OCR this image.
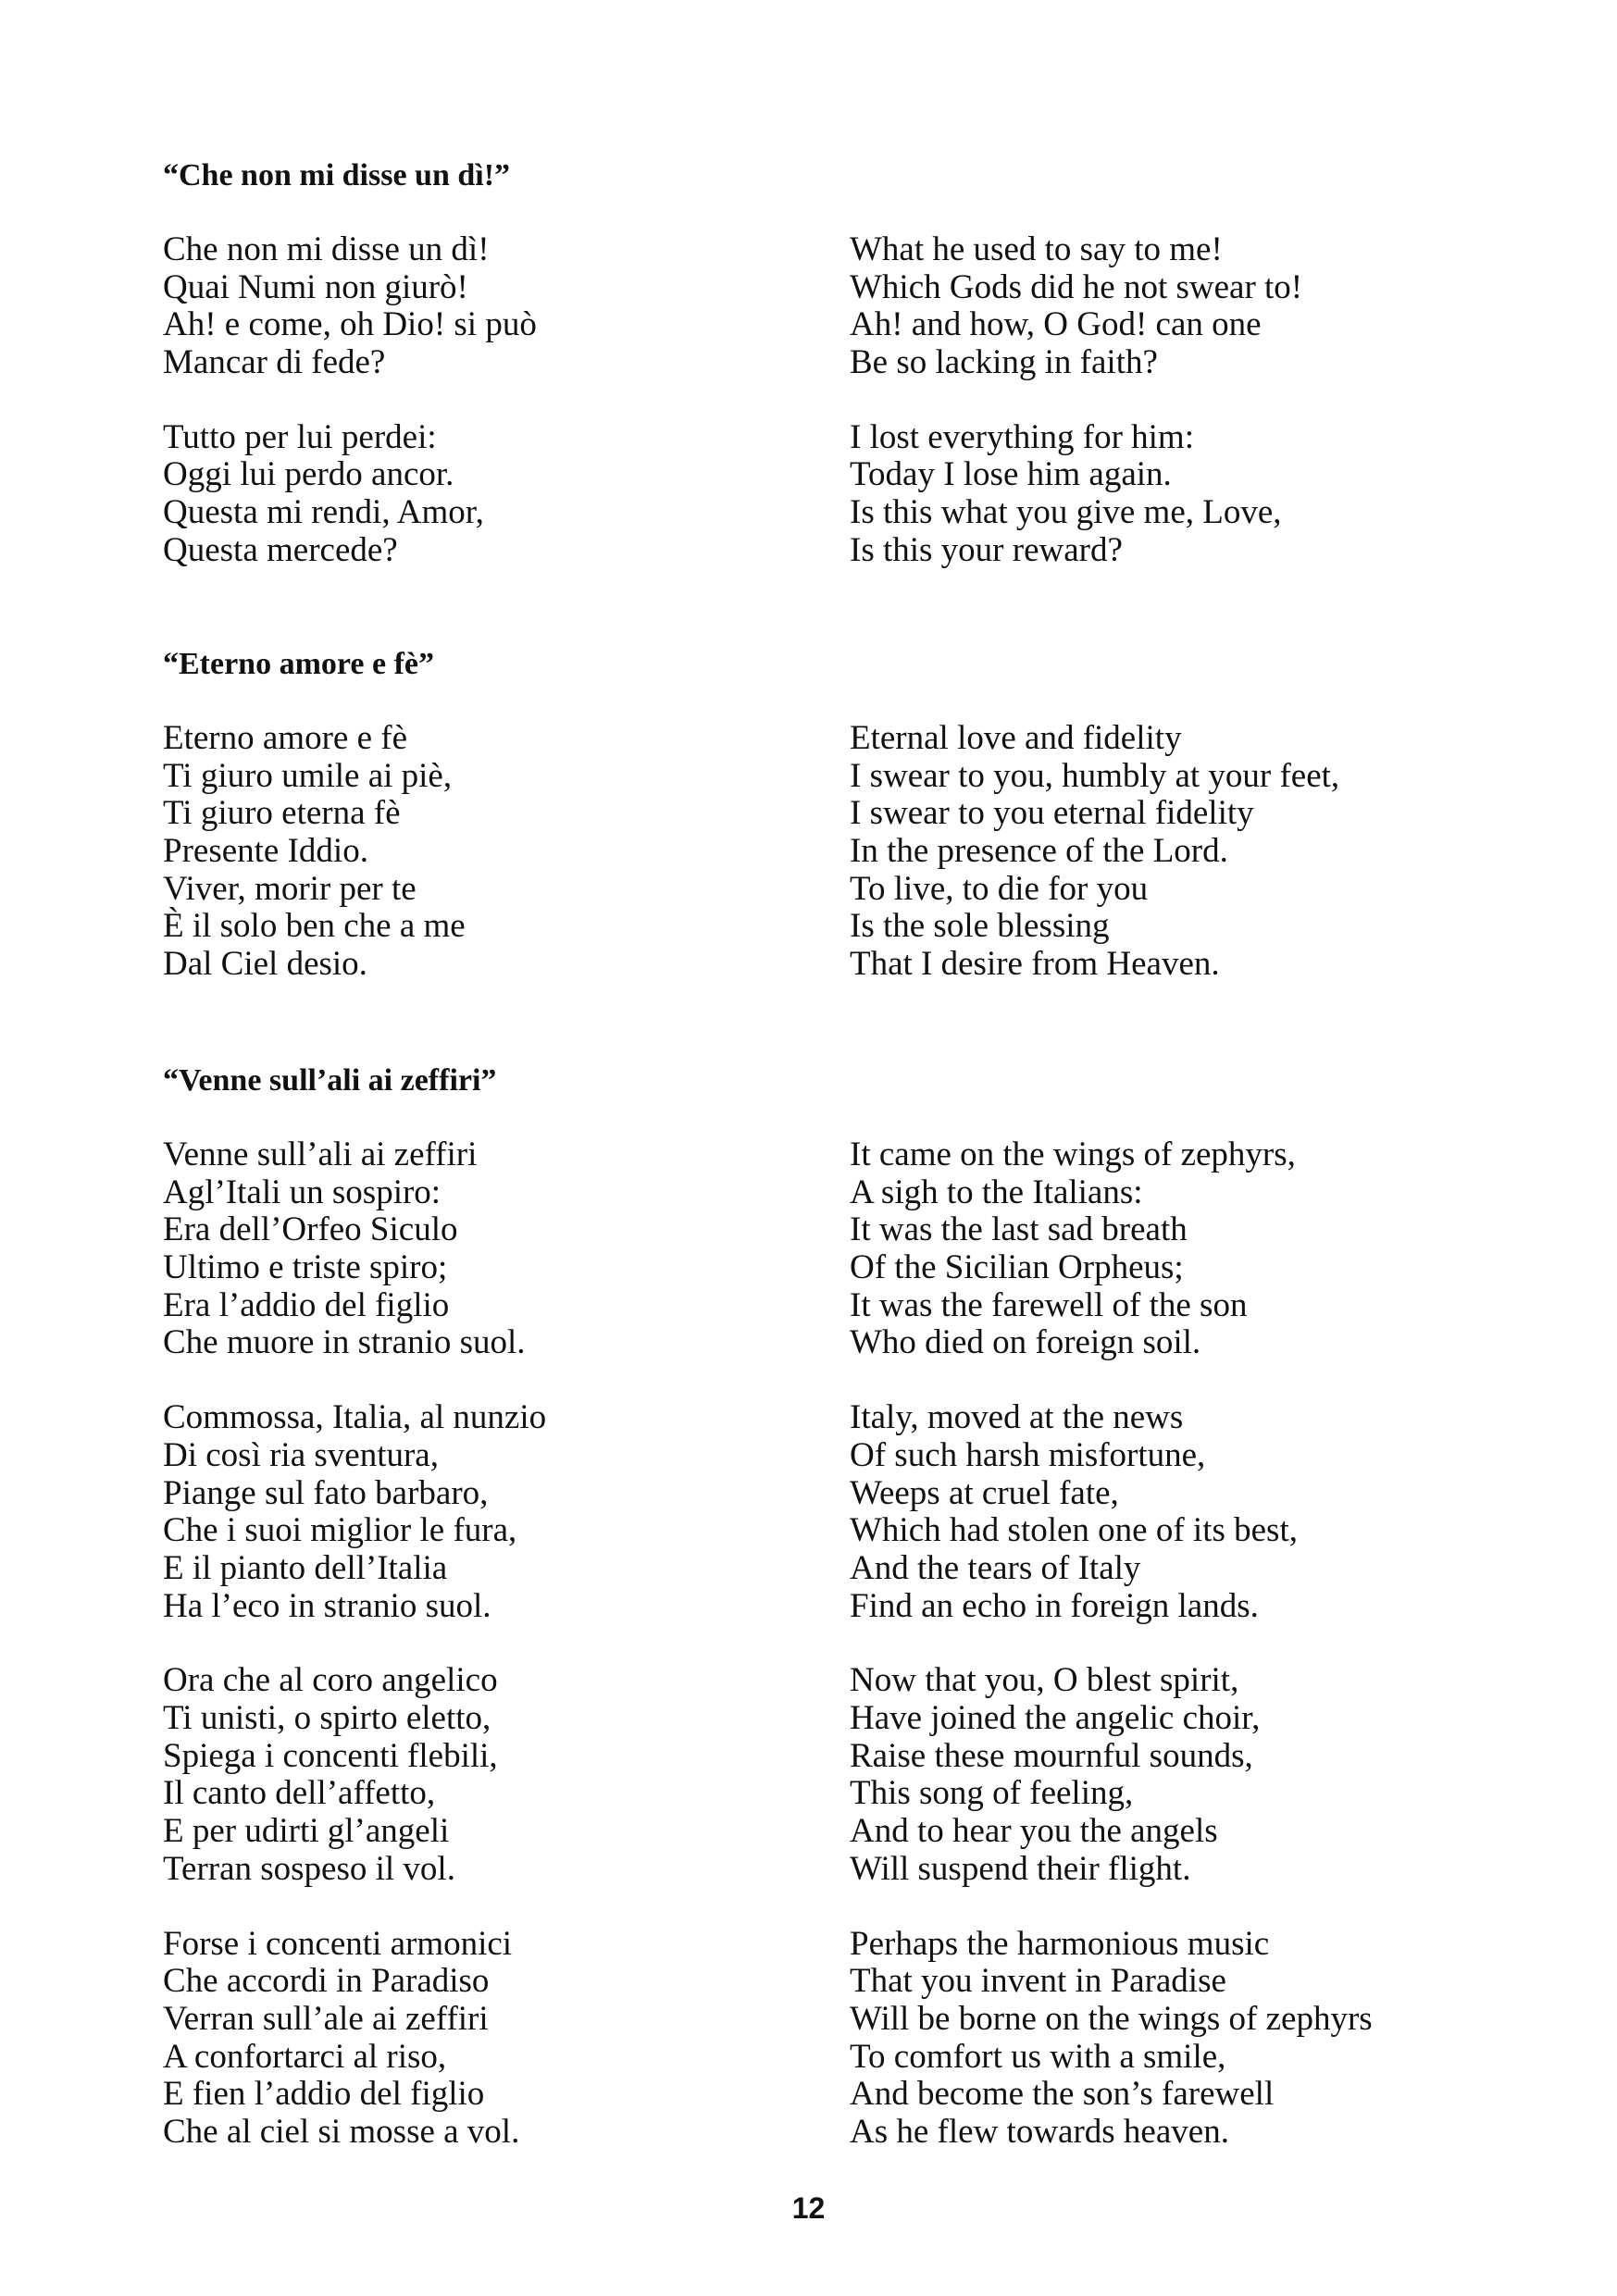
“Che non mi disse un dì!”
Che non mi disse un dì!
Quai Numi non giurò!
Ah! e come, oh Dio! si può
Mancar di fede?
What he used to say to me!
Which Gods did he not swear to!
Ah! and how, O God! can one
Be so lacking in faith?
Tutto per lui perdei:
Oggi lui perdo ancor.
Questa mi rendi, Amor,
Questa mercede?
I lost everything for him:
Today I lose him again.
Is this what you give me, Love,
Is this your reward?
“Eterno amore e fè”
Eterno amore e fè
Ti giuro umile ai piè,
Ti giuro eterna fè
Presente Iddio.
Viver, morir per te
È il solo ben che a me
Dal Ciel desio.
Eternal love and fidelity
I swear to you, humbly at your feet,
I swear to you eternal fidelity
In the presence of the Lord.
To live, to die for you
Is the sole blessing
That I desire from Heaven.
“Venne sull’ali ai zeffiri”
Venne sull’ali ai zeffiri
Agl’Itali un sospiro:
Era dell’Orfeo Siculo
Ultimo e triste spiro;
Era l’addio del figlio
Che muore in stranio suol.
It came on the wings of zephyrs,
A sigh to the Italians:
It was the last sad breath
Of the Sicilian Orpheus;
It was the farewell of the son
Who died on foreign soil.
Commossa, Italia, al nunzio
Di così ria sventura,
Piange sul fato barbaro,
Che i suoi miglior le fura,
E il pianto dell’Italia
Ha l’eco in stranio suol.
Italy, moved at the news
Of such harsh misfortune,
Weeps at cruel fate,
Which had stolen one of its best,
And the tears of Italy
Find an echo in foreign lands.
Ora che al coro angelico
Ti unisti, o spirto eletto,
Spiega i concenti flebili,
Il canto dell’affetto,
E per udirti gl’angeli
Terran sospeso il vol.
Now that you, O blest spirit,
Have joined the angelic choir,
Raise these mournful sounds,
This song of feeling,
And to hear you the angels
Will suspend their flight.
Forse i concenti armonici
Che accordi in Paradiso
Verran sull’ale ai zeffiri
A confortarci al riso,
E fien l’addio del figlio
Che al ciel si mosse a vol.
Perhaps the harmonious music
That you invent in Paradise
Will be borne on the wings of zephyrs
To comfort us with a smile,
And become the son’s farewell
As he flew towards heaven.
12
